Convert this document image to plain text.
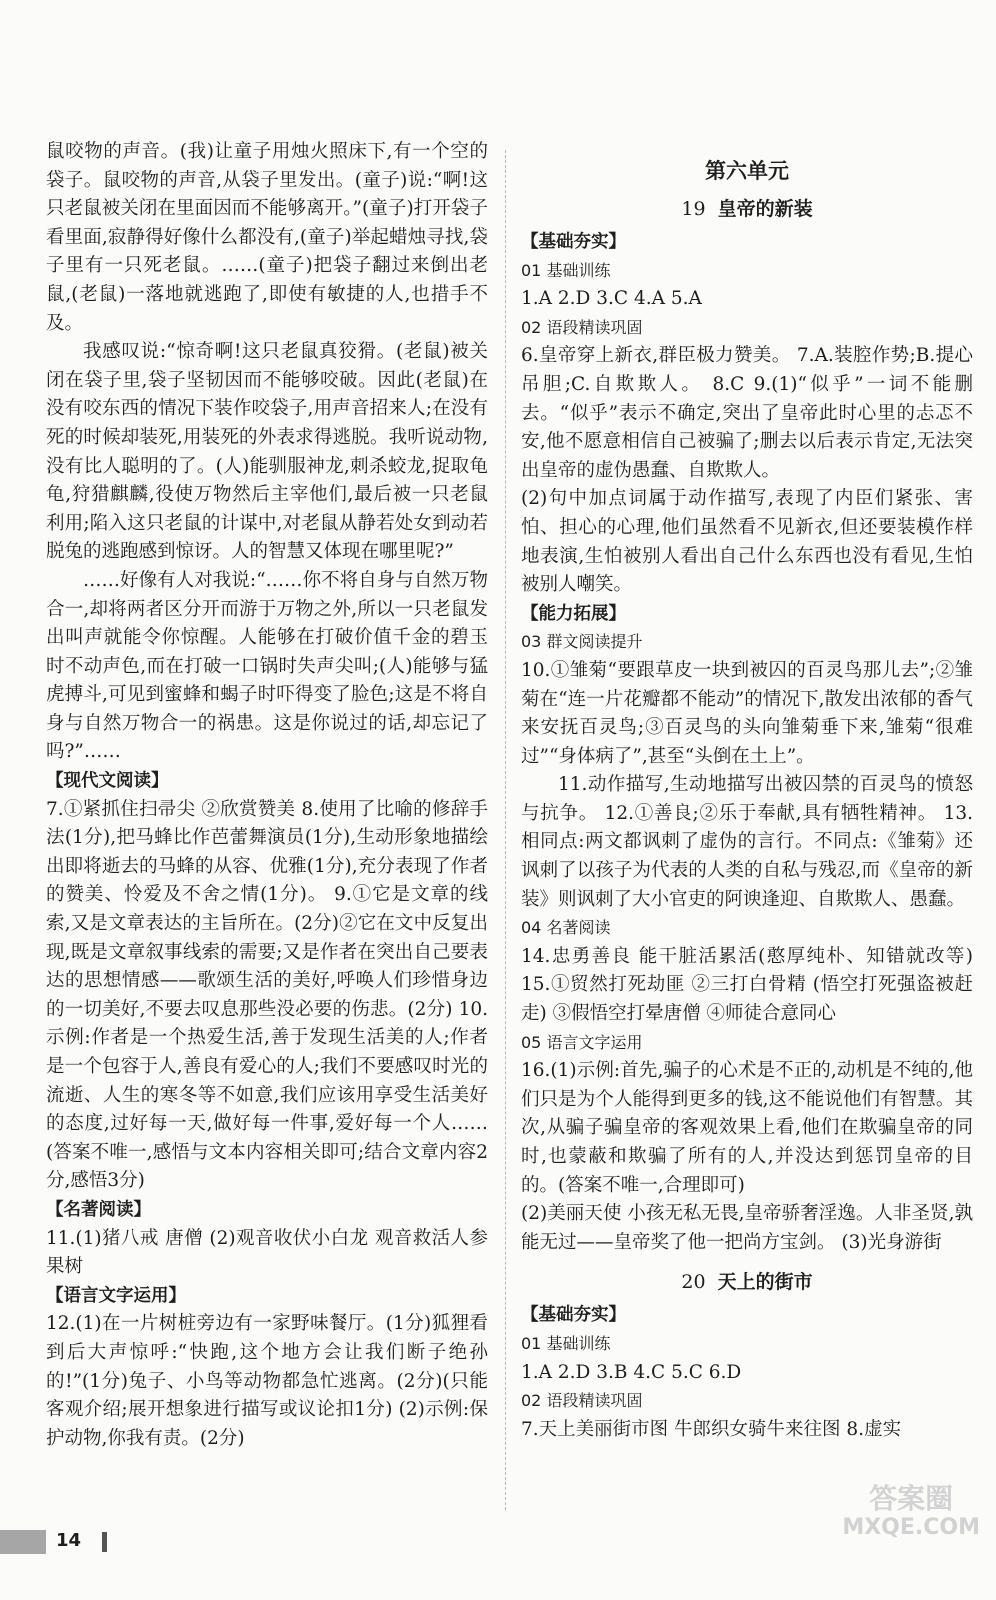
鼠咬物的声音。(我)让童子用烛火照床下,有一个空的袋子。鼠咬物的声音,从袋子里发出。(童子)说:“啊!这只老鼠被关闭在里面因而不能够离开。”(童子)打开袋子看里面,寂静得好像什么都没有,(童子)举起蜡烛寻找,袋子里有一只死老鼠。……(童子)把袋子翻过来倒出老鼠,(老鼠)一落地就逃跑了,即使有敏捷的人,也措手不及。

我感叹说:“惊奇啊!这只老鼠真狡猾。(老鼠)被关闭在袋子里,袋子坚韧因而不能够咬破。因此(老鼠)在没有咬东西的情况下装作咬袋子,用声音招来人;在没有死的时候却装死,用装死的外表求得逃脱。我听说动物,没有比人聪明的了。(人)能驯服神龙,刺杀蛟龙,捉取龟龟,狩猎麒麟,役使万物然后主宰他们,最后被一只老鼠利用;陷入这只老鼠的计谋中,对老鼠从静若处女到动若脱兔的逃跑感到惊讶。人的智慧又体现在哪里呢?”

……好像有人对我说:“……你不将自身与自然万物合一,却将两者区分开而游于万物之外,所以一只老鼠发出叫声就能令你惊醒。人能够在打破价值千金的碧玉时不动声色,而在打破一口锅时失声尖叫;(人)能够与猛虎搏斗,可见到蜜蜂和蝎子时吓得变了脸色;这是不将自身与自然万物合一的祸患。这是你说过的话,却忘记了吗?”……

【现代文阅读】

7.①紧抓住扫帚尖 ②欣赏赞美 8.使用了比喻的修辞手法(1分),把马蜂比作芭蕾舞演员(1分),生动形象地描绘出即将逝去的马蜂的从容、优雅(1分),充分表现了作者的赞美、怜爱及不舍之情(1分)。 9.①它是文章的线索,又是文章表达的主旨所在。(2分)②它在文中反复出现,既是文章叙事线索的需要;又是作者在突出自己要表达的思想情感——歌颂生活的美好,呼唤人们珍惜身边的一切美好,不要去叹息那些没必要的伤悲。(2分) 10.示例:作者是一个热爱生活,善于发现生活美的人;作者是一个包容于人,善良有爱心的人;我们不要感叹时光的流逝、人生的寒冬等不如意,我们应该用享受生活美好的态度,过好每一天,做好每一件事,爱好每一个人……(答案不唯一,感悟与文本内容相关即可;结合文章内容2分,感悟3分)

【名著阅读】

11.(1)猪八戒 唐僧 (2)观音收伏小白龙 观音救活人参果树

【语言文字运用】

12.(1)在一片树桩旁边有一家野味餐厅。(1分)狐狸看到后大声惊呼:“快跑,这个地方会让我们断子绝孙的!”(1分)兔子、小鸟等动物都急忙逃离。(2分)(只能客观介绍;展开想象进行描写或议论扣1分) (2)示例:保护动物,你我有责。(2分)

第六单元
19 皇帝的新装
【基础夯实】
01 基础训练

1.A 2.D 3.C 4.A 5.A

02 语段精读巩固

6.皇帝穿上新衣,群臣极力赞美。 7.A.装腔作势;B.提心吊胆;C.自欺欺人。 8.C 9.(1)“似乎”一词不能删去。“似乎”表示不确定,突出了皇帝此时心里的忐忑不安,他不愿意相信自己被骗了;删去以后表示肯定,无法突出皇帝的虚伪愚蠢、自欺欺人。

(2)句中加点词属于动作描写,表现了内臣们紧张、害怕、担心的心理,他们虽然看不见新衣,但还要装模作样地表演,生怕被别人看出自己什么东西也没有看见,生怕被别人嘲笑。

【能力拓展】
03 群文阅读提升

10.①雏菊“要跟草皮一块到被囚的百灵鸟那儿去”;②雏菊在“连一片花瓣都不能动”的情况下,散发出浓郁的香气来安抚百灵鸟;③百灵鸟的头向雏菊垂下来,雏菊“很难过”“身体病了”,甚至“头倒在土上”。

11.动作描写,生动地描写出被囚禁的百灵鸟的愤怒与抗争。 12.①善良;②乐于奉献,具有牺牲精神。 13.相同点:两文都讽刺了虚伪的言行。不同点:《雏菊》还讽刺了以孩子为代表的人类的自私与残忍,而《皇帝的新装》则讽刺了大小官吏的阿谀逢迎、自欺欺人、愚蠢。

04 名著阅读

14.忠勇善良 能干脏活累活(憨厚纯朴、知错就改等) 15.①贸然打死劫匪 ②三打白骨精 (悟空打死强盗被赶走) ③假悟空打晕唐僧 ④师徒合意同心

05 语言文字运用

16.(1)示例:首先,骗子的心术是不正的,动机是不纯的,他们只是为个人能得到更多的钱,这不能说他们有智慧。其次,从骗子骗皇帝的客观效果上看,他们在欺骗皇帝的同时,也蒙蔽和欺骗了所有的人,并没达到惩罚皇帝的目的。(答案不唯一,合理即可)

(2)美丽天使 小孩无私无畏,皇帝骄奢淫逸。人非圣贤,孰能无过——皇帝奖了他一把尚方宝剑。 (3)光身游街

20 天上的街市
【基础夯实】
01 基础训练

1.A 2.D 3.B 4.C 5.C 6.D

02 语段精读巩固

7.天上美丽街市图 牛郎织女骑牛来往图 8.虚实

14
答案圈
MXQE.COM
